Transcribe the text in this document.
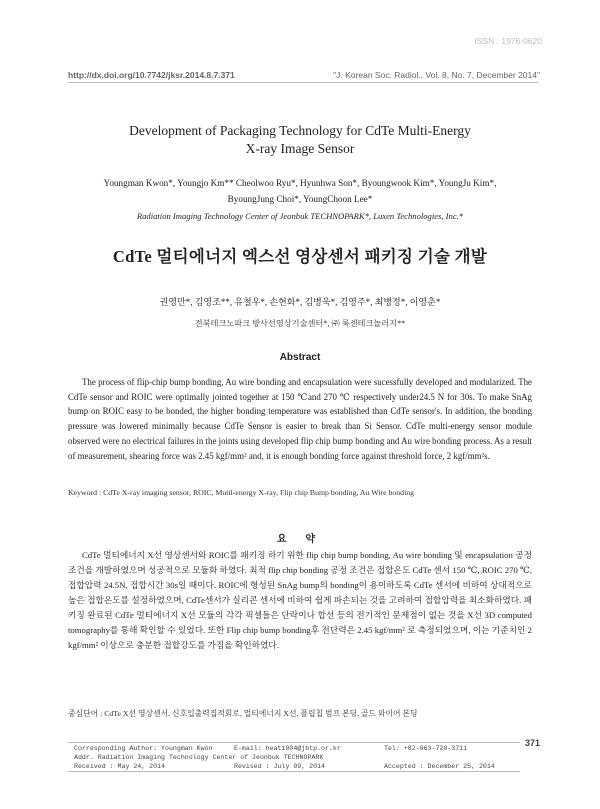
ISSN : 1976-0620
http://dx.doi.org/10.7742/jksr.2014.8.7.371	"J. Korean Soc. Radiol., Vol. 8, No. 7, December 2014"
Development of Packaging Technology for CdTe Multi-Energy
X-ray Image Sensor
Youngman Kwon*, Youngjo Km** Cheolwoo Ryu*, Hyunhwa Son*, Byoungwook Kim*, YoungJu Kim*,
ByoungJung Choi*, YoungChoon Lee*
Radiation Imaging Technology Center of Jeonbuk TECHNOPARK*, Luxen Technologies, Inc.*
CdTe 멀티에너지 엑스선 영상센서 패키징 기술 개발
권영만*, 김영조**, 유철우*, 손현화*, 김병욱*, 김영주*, 최병정*, 이영춘*
전북테크노파크 방사선영상기술센터*, ㈜ 룩센테크놀러지**
Abstract

The process of flip-chip bump bonding, Au wire bonding and encapsulation were sucessfully developed and modularized. The CdTe sensor and ROIC were optimally jointed together at 150 ℃and 270 ℃ respectively under24.5 N for 30s. To make SnAg bump on ROIC easy to be bonded, the higher bonding temperature was established than CdTe sensor's. In addition, the bonding pressure was lowered minimally because CdTe Sensor is easier to break than Si Sensor. CdTe multi-energy sensor module observed were no electrical failures in the joints using developed flip chip bump bonding and Au wire bonding process. As a result of measurement, shearing force was 2.45 kgf/mm² and, it is enough bonding force against threshold force, 2 kgf/mm²s.

Keyword : CdTe X-ray imaging sensor, ROIC, Mutil-energy X-ray, Flip chip Bump bonding, Au Wire bonding
요 약

CdTe 멀티에너지 X선 영상센서와 ROIC를 패키징 하기 위한 flip chip bump bonding, Au wire bonding 및 encapsulation 공정조건을 개발하였으며 성공적으로 모듈화 하였다. 최적 flip chip bonding 공정 조건은 접합온도 CdTe 센서 150 ℃, ROIC 270 ℃, 접합압력 24.5N, 접합시간 30s일 때이다. ROIC에 형성된 SnAg bump의 bonding이 용이하도록 CdTe 센서에 비하여 상대적으로 높은 접합온도를 설정하였으며, CdTe센서가 실리콘 센서에 비하여 쉽게 파손되는 것을 고려하여 접합압력을 최소화하였다. 패키징 완료된 CdTe 멀티에너지 X선 모듈의 각각 픽셀들은 단락이나 합선 등의 전기적인 문제점이 없는 것을 X선 3D computed tomography를 통해 확인할 수 있었다. 또한 Flip chip bump bonding후 전단력은 2.45 kgf/mm² 로 측정되었으며, 이는 기준치인 2 kgf/mm² 이상으로 충분한 접합강도를 가짐을 확인하였다.

중심단어 : CdTe X선 영상센서, 신호입출력집적회로, 멀티에너지 X선, 플립칩 범프 본딩, 골드 와이어 본딩
371
Corresponding Author: Youngman Kwon	E-mail: heat1004@jbtp.or.kr	Tel: +82-063-720-3711
Addr. Radiation Imaging Technology Center of Jeonbuk TECHNOPARK
Received : May 24, 2014	Revised : July 09, 2014	Accepted : December 25, 2014
